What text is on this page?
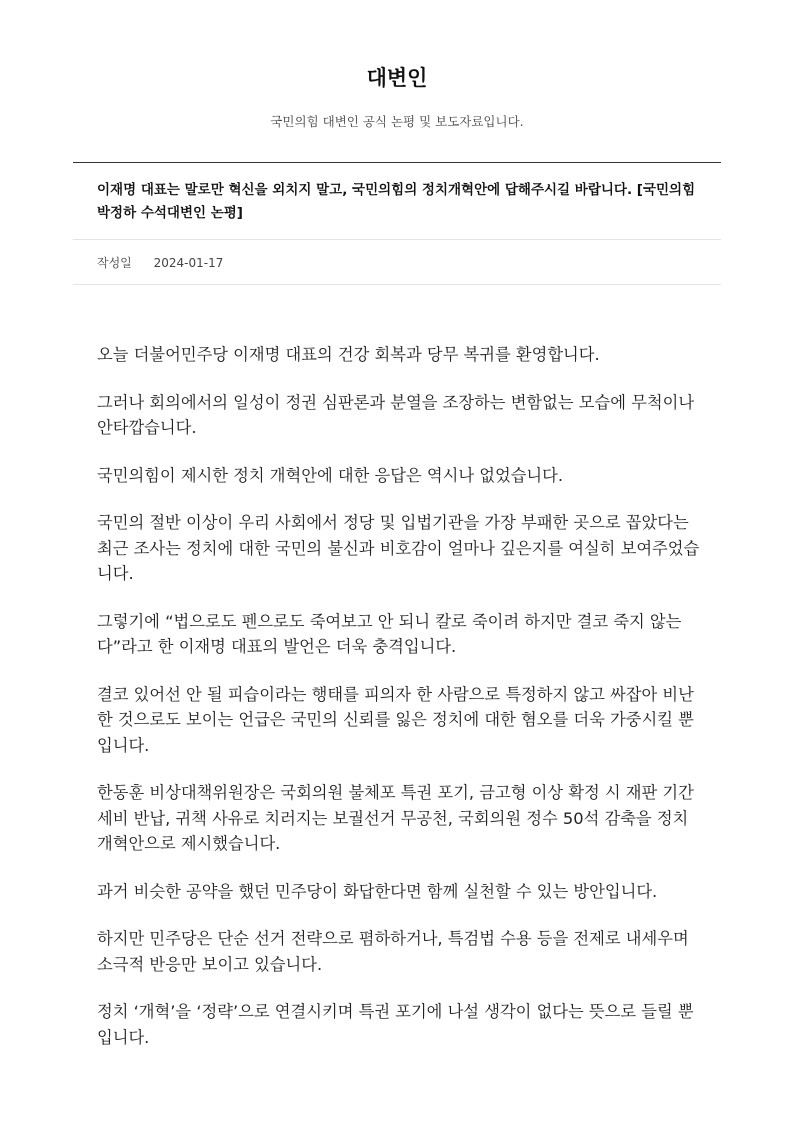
대변인
국민의힘 대변인 공식 논평 및 보도자료입니다.
이재명 대표는 말로만 혁신을 외치지 말고, 국민의힘의 정치개혁안에 답해주시길 바랍니다. [국민의힘 박정하 수석대변인 논평]
작성일 2024-01-17

오늘 더불어민주당 이재명 대표의 건강 회복과 당무 복귀를 환영합니다.

그러나 회의에서의 일성이 정권 심판론과 분열을 조장하는 변함없는 모습에 무척이나 안타깝습니다.

국민의힘이 제시한 정치 개혁안에 대한 응답은 역시나 없었습니다.

국민의 절반 이상이 우리 사회에서 정당 및 입법기관을 가장 부패한 곳으로 꼽았다는 최근 조사는 정치에 대한 국민의 불신과 비호감이 얼마나 깊은지를 여실히 보여주었습니다.

그렇기에 “법으로도 펜으로도 죽여보고 안 되니 칼로 죽이려 하지만 결코 죽지 않는다”라고 한 이재명 대표의 발언은 더욱 충격입니다.

결코 있어선 안 될 피습이라는 행태를 피의자 한 사람으로 특정하지 않고 싸잡아 비난한 것으로도 보이는 언급은 국민의 신뢰를 잃은 정치에 대한 혐오를 더욱 가중시킬 뿐입니다.

한동훈 비상대책위원장은 국회의원 불체포 특권 포기, 금고형 이상 확정 시 재판 기간 세비 반납, 귀책 사유로 치러지는 보궐선거 무공천, 국회의원 정수 50석 감축을 정치 개혁안으로 제시했습니다.

과거 비슷한 공약을 했던 민주당이 화답한다면 함께 실천할 수 있는 방안입니다.

하지만 민주당은 단순 선거 전략으로 폄하하거나, 특검법 수용 등을 전제로 내세우며 소극적 반응만 보이고 있습니다.

정치 ‘개혁’을 ‘정략’으로 연결시키며 특권 포기에 나설 생각이 없다는 뜻으로 들릴 뿐입니다.
